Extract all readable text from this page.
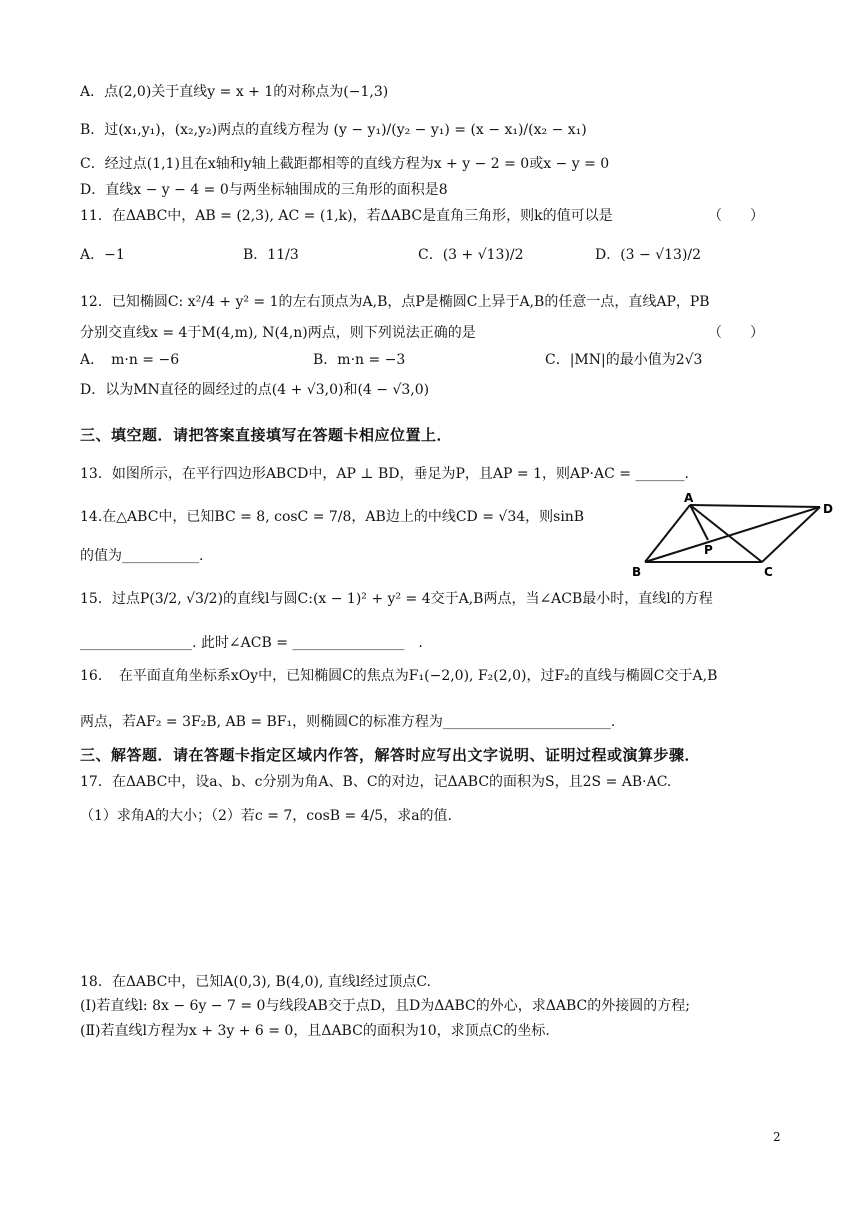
A．点(2,0)关于直线y = x + 1的对称点为(−1,3)
B．过(x₁,y₁)，(x₂,y₂)两点的直线方程为 (y − y₁)/(y₂ − y₁) = (x − x₁)/(x₂ − x₁)
C．经过点(1,1)且在x轴和y轴上截距都相等的直线方程为x + y − 2 = 0或x − y = 0
D．直线x − y − 4 = 0与两坐标轴围成的三角形的面积是8
11．在ΔABC中，AB = (2,3), AC = (1,k)，若ΔABC是直角三角形，则k的值可以是	（　　）
A．−1	B．11/3	C．(3 + √13)/2	D．(3 − √13)/2
12．已知椭圆C: x²/4 + y² = 1的左右顶点为A,B，点P是椭圆C上异于A,B的任意一点，直线AP，PB
分别交直线x = 4于M(4,m), N(4,n)两点，则下列说法正确的是	（　　）
A．　m·n = −6	B．m·n = −3	C．|MN|的最小值为2√3
D．以为MN直径的圆经过的点(4 + √3,0)和(4 − √3,0)
三、填空题．请把答案直接填写在答题卡相应位置上．
13．如图所示，在平行四边形ABCD中，AP ⊥ BD，垂足为P，且AP = 1，则AP·AC = _______.
14.在△ABC中，已知BC = 8, cosC = 7/8，AB边上的中线CD = √34，则sinB
的值为___________.
A
D
P
B	C
15．过点P(3/2, √3/2)的直线l与圆C:(x − 1)² + y² = 4交于A,B两点，当∠ACB最小时，直线l的方程
________________. 此时∠ACB = ________________　.
16．　在平面直角坐标系xOy中，已知椭圆C的焦点为F₁(−2,0), F₂(2,0)，过F₂的直线与椭圆C交于A,B
两点，若AF₂ = 3F₂B, AB = BF₁，则椭圆C的标准方程为________________________.
三、解答题．请在答题卡指定区域内作答，解答时应写出文字说明、证明过程或演算步骤．
17．在ΔABC中，设a、b、c分别为角A、B、C的对边，记ΔABC的面积为S，且2S = AB·AC.
（1）求角A的大小；（2）若c = 7，cosB = 4/5，求a的值.
18．在ΔABC中，已知A(0,3), B(4,0), 直线l经过顶点C.
(Ⅰ)若直线l: 8x − 6y − 7 = 0与线段AB交于点D，且D为ΔABC的外心，求ΔABC的外接圆的方程;
(Ⅱ)若直线l方程为x + 3y + 6 = 0，且ΔABC的面积为10，求顶点C的坐标.
2
